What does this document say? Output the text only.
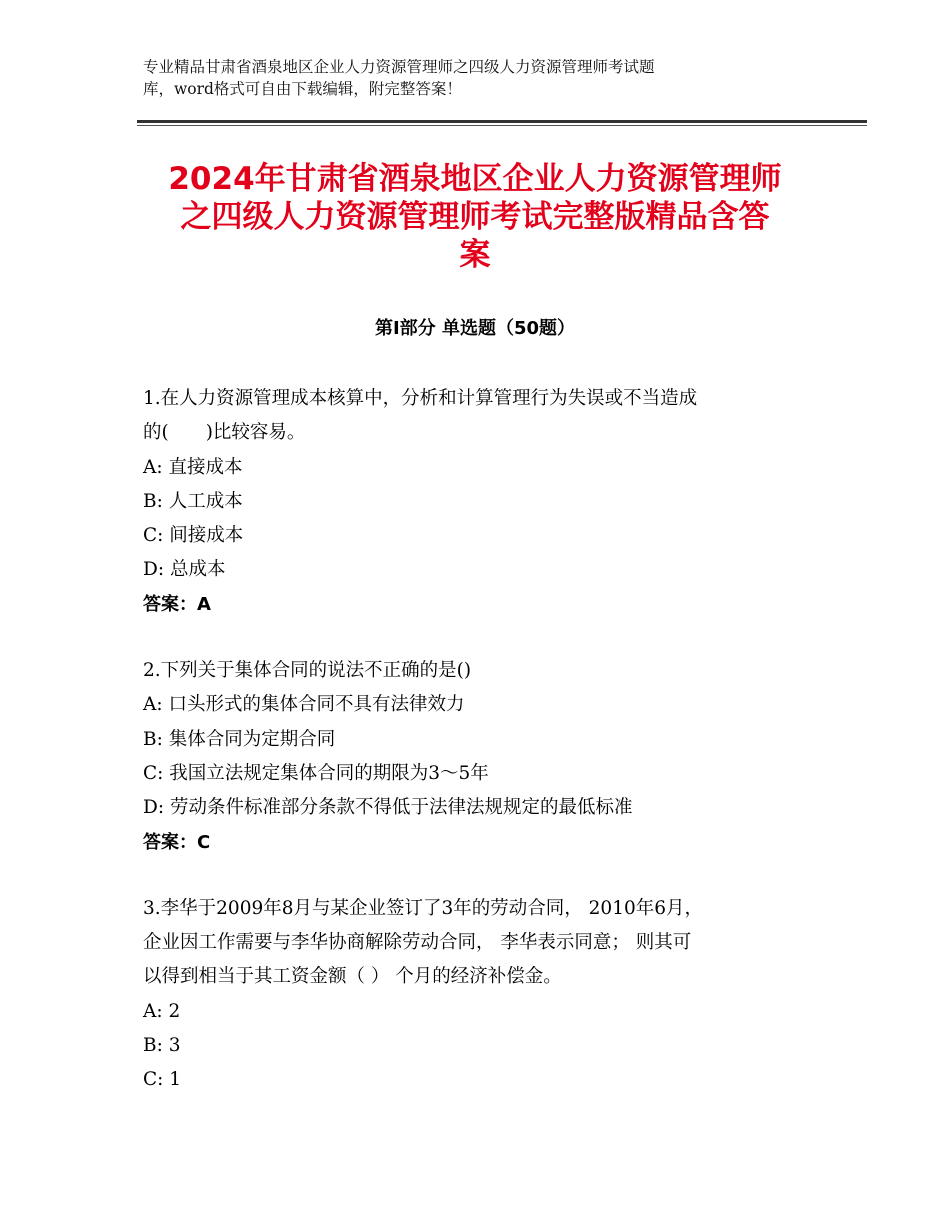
专业精品甘肃省酒泉地区企业人力资源管理师之四级人力资源管理师考试题
库，word格式可自由下载编辑，附完整答案！
2024年甘肃省酒泉地区企业人力资源管理师
之四级人力资源管理师考试完整版精品含答
案
第Ⅰ部分 单选题（50题）
1.在人力资源管理成本核算中，分析和计算管理行为失误或不当造成
的(　　)比较容易。
A: 直接成本
B: 人工成本
C: 间接成本
D: 总成本
答案：A
2.下列关于集体合同的说法不正确的是()
A: 口头形式的集体合同不具有法律效力
B: 集体合同为定期合同
C: 我国立法规定集体合同的期限为3～5年
D: 劳动条件标准部分条款不得低于法律法规规定的最低标准
答案：C
3.李华于2009年8月与某企业签订了3年的劳动合同， 2010年6月，
企业因工作需要与李华协商解除劳动合同， 李华表示同意； 则其可
以得到相当于其工资金额（ ） 个月的经济补偿金。
A: 2
B: 3
C: 1
